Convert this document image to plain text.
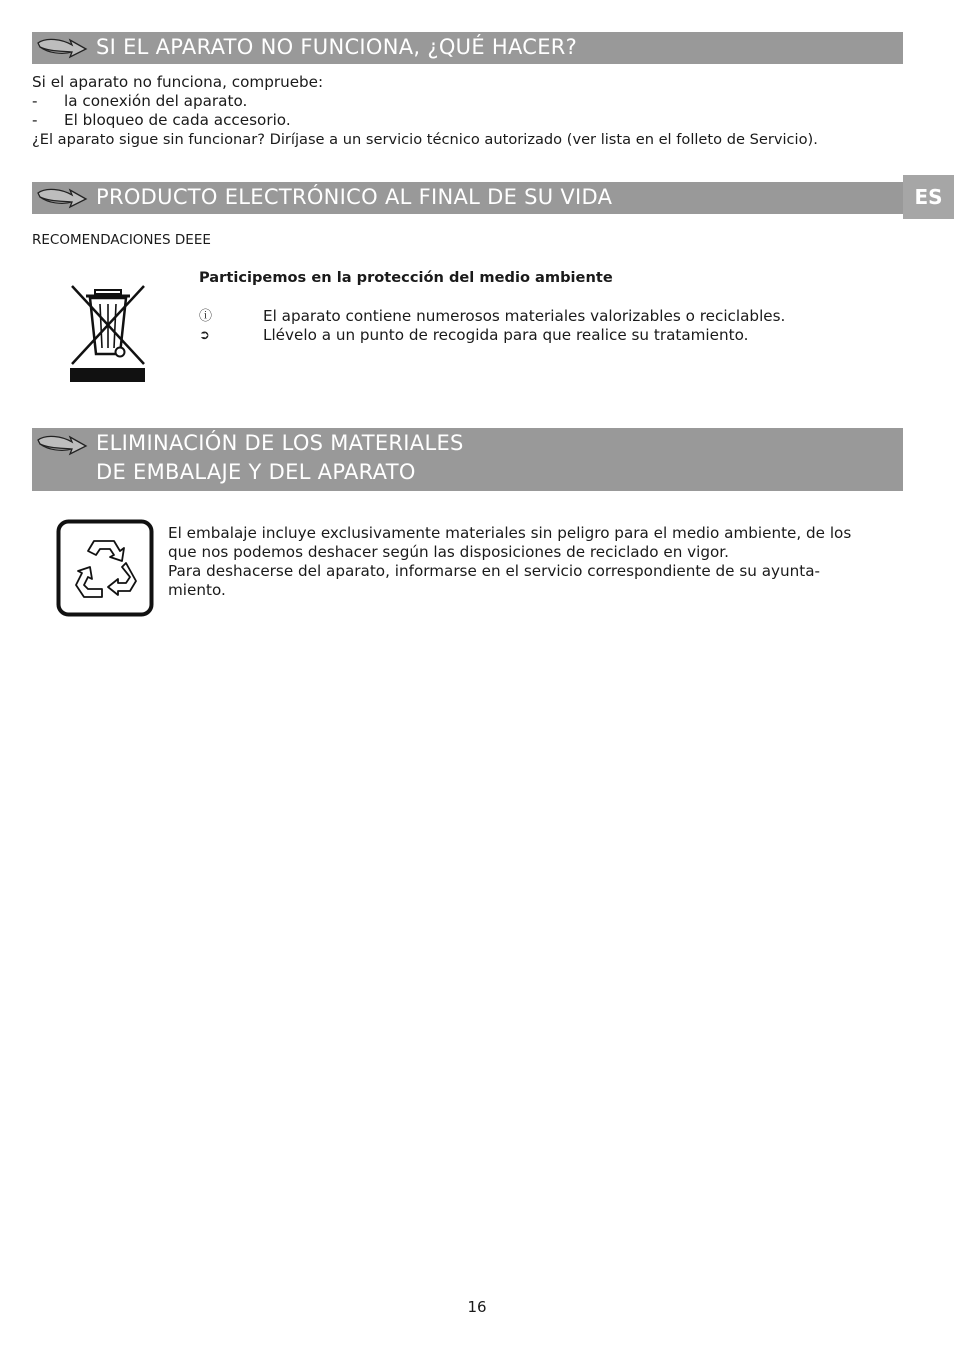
SI EL APARATO NO FUNCIONA, ¿QUÉ HACER?
Si el aparato no funciona, compruebe:
- la conexión del aparato.
- El bloqueo de cada accesorio.
¿El aparato sigue sin funcionar? Diríjase a un servicio técnico autorizado (ver lista en el folleto de Servicio).
PRODUCTO ELECTRÓNICO AL FINAL DE SU VIDA	ES
RECOMENDACIONES DEEE
Participemos en la protección del medio ambiente
ⓘ	El aparato contiene numerosos materiales valorizables o reciclables.
➲	Llévelo a un punto de recogida para que realice su tratamiento.
ELIMINACIÓN DE LOS MATERIALES
DE EMBALAJE Y DEL APARATO
El embalaje incluye exclusivamente materiales sin peligro para el medio ambiente, de los
que nos podemos deshacer según las disposiciones de reciclado en vigor.
Para deshacerse del aparato, informarse en el servicio correspondiente de su ayunta-
miento.
16
